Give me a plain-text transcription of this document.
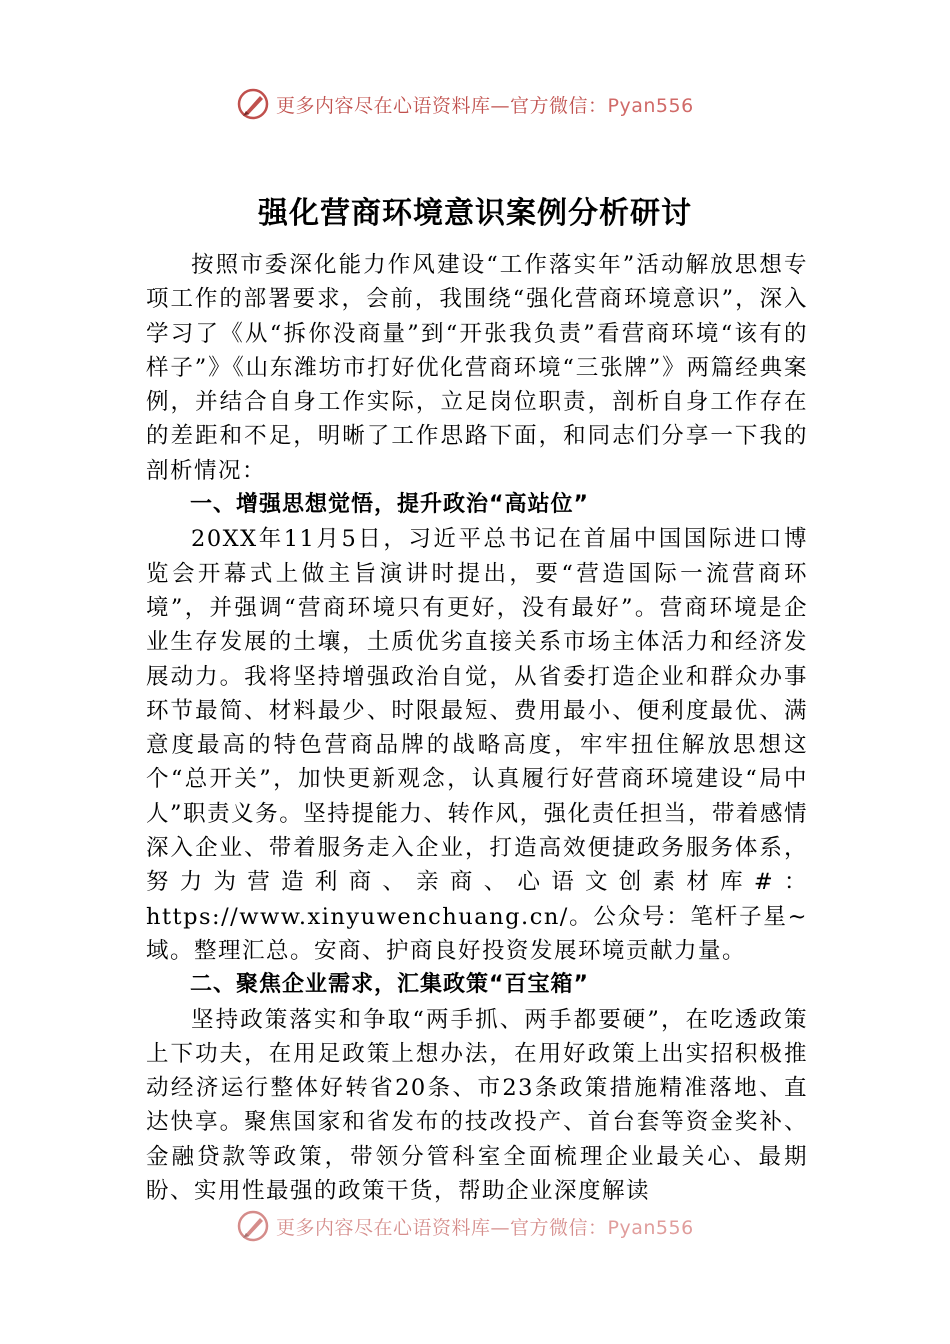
更多内容尽在心语资料库—官方微信：Pyan556
强化营商环境意识案例分析研讨

按照市委深化能力作风建设“工作落实年”活动解放思想专项工作的部署要求，会前，我围绕“强化营商环境意识”，深入学习了《从“拆你没商量”到“开张我负责”看营商环境“该有的样子”》《山东潍坊市打好优化营商环境“三张牌”》两篇经典案例，并结合自身工作实际，立足岗位职责，剖析自身工作存在的差距和不足，明晰了工作思路下面，和同志们分享一下我的剖析情况：

一、增强思想觉悟，提升政治“高站位”

20XX年11月5日，习近平总书记在首届中国国际进口博览会开幕式上做主旨演讲时提出，要“营造国际一流营商环境”，并强调“营商环境只有更好，没有最好”。营商环境是企业生存发展的土壤，土质优劣直接关系市场主体活力和经济发展动力。我将坚持增强政治自觉，从省委打造企业和群众办事环节最简、材料最少、时限最短、费用最小、便利度最优、满意度最高的特色营商品牌的战略高度，牢牢扭住解放思想这个“总开关”，加快更新观念，认真履行好营商环境建设“局中人”职责义务。坚持提能力、转作风，强化责任担当，带着感情深入企业、带着服务走入企业，打造高效便捷政务服务体系，努力为营造利商、亲商、心语文创素材库#：https://www.xinyuwenchuang.cn/。公众号：笔杆子星~域。整理汇总。安商、护商良好投资发展环境贡献力量。

二、聚焦企业需求，汇集政策“百宝箱”

坚持政策落实和争取“两手抓、两手都要硬”，在吃透政策上下功夫，在用足政策上想办法，在用好政策上出实招积极推动经济运行整体好转省20条、市23条政策措施精准落地、直达快享。聚焦国家和省发布的技改投产、首台套等资金奖补、金融贷款等政策，带领分管科室全面梳理企业最关心、最期盼、实用性最强的政策干货，帮助企业深度解读

更多内容尽在心语资料库—官方微信：Pyan556
